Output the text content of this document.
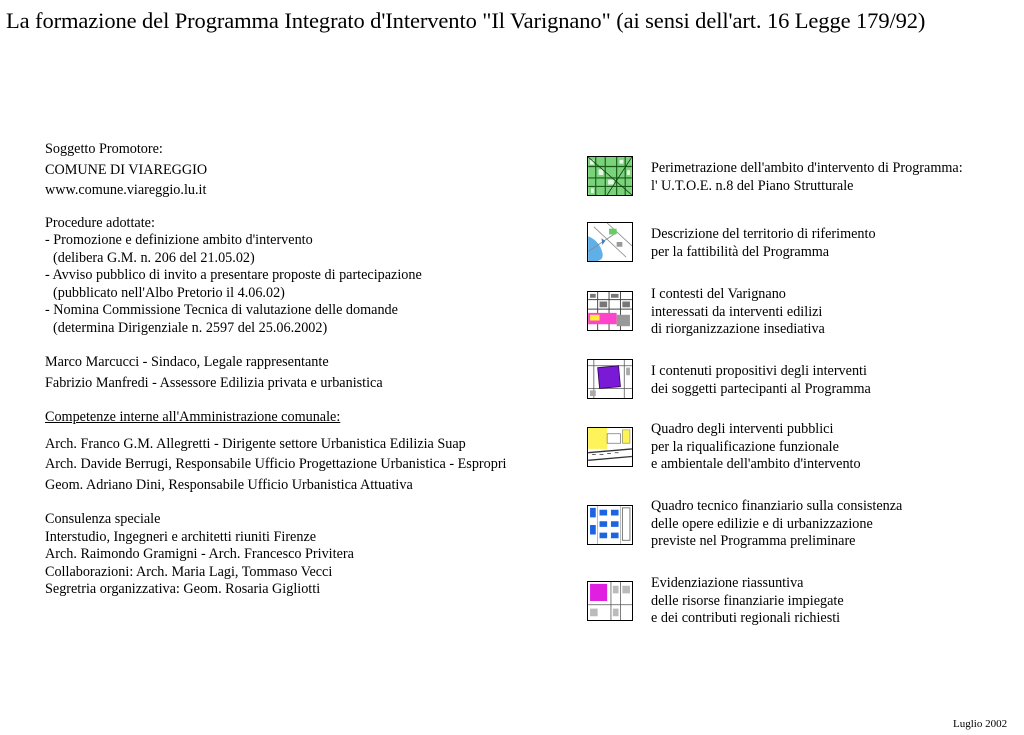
La formazione del Programma Integrato d'Intervento "Il Varignano" (ai sensi dell'art. 16 Legge 179/92)
Soggetto Promotore:
COMUNE DI VIAREGGIO
www.comune.viareggio.lu.it
Procedure adottate:
- Promozione e definizione ambito d'intervento
(delibera G.M. n. 206 del 21.05.02)
- Avviso pubblico di invito a presentare proposte di partecipazione
(pubblicato nell'Albo Pretorio il 4.06.02)
- Nomina Commissione Tecnica di valutazione delle domande
(determina Dirigenziale n. 2597 del 25.06.2002)
Marco Marcucci - Sindaco, Legale rappresentante
Fabrizio Manfredi - Assessore Edilizia privata e urbanistica
Competenze interne all'Amministrazione comunale:
Arch. Franco G.M. Allegretti - Dirigente settore Urbanistica Edilizia Suap
Arch. Davide Berrugi, Responsabile Ufficio Progettazione Urbanistica - Espropri
Geom. Adriano Dini, Responsabile Ufficio Urbanistica Attuativa
Consulenza speciale
Interstudio, Ingegneri e architetti riuniti Firenze
Arch. Raimondo Gramigni - Arch. Francesco Privitera
Collaborazioni: Arch. Maria Lagi, Tommaso Vecci
Segretria organizzativa: Geom. Rosaria Gigliotti
Perimetrazione dell'ambito d'intervento di Programma:
l' U.T.O.E. n.8 del Piano Strutturale
Descrizione del territorio di riferimento
per la fattibilità del Programma
I contesti del Varignano
interessati da interventi edilizi
di riorganizzazione insediativa
I contenuti propositivi degli interventi
dei soggetti partecipanti al Programma
Quadro degli interventi pubblici
per la riqualificazione funzionale
e ambientale dell'ambito d'intervento
Quadro tecnico finanziario sulla consistenza
delle opere edilizie e di urbanizzazione
previste nel Programma preliminare
Evidenziazione riassuntiva
delle risorse finanziarie impiegate
e dei contributi regionali richiesti
Luglio 2002
